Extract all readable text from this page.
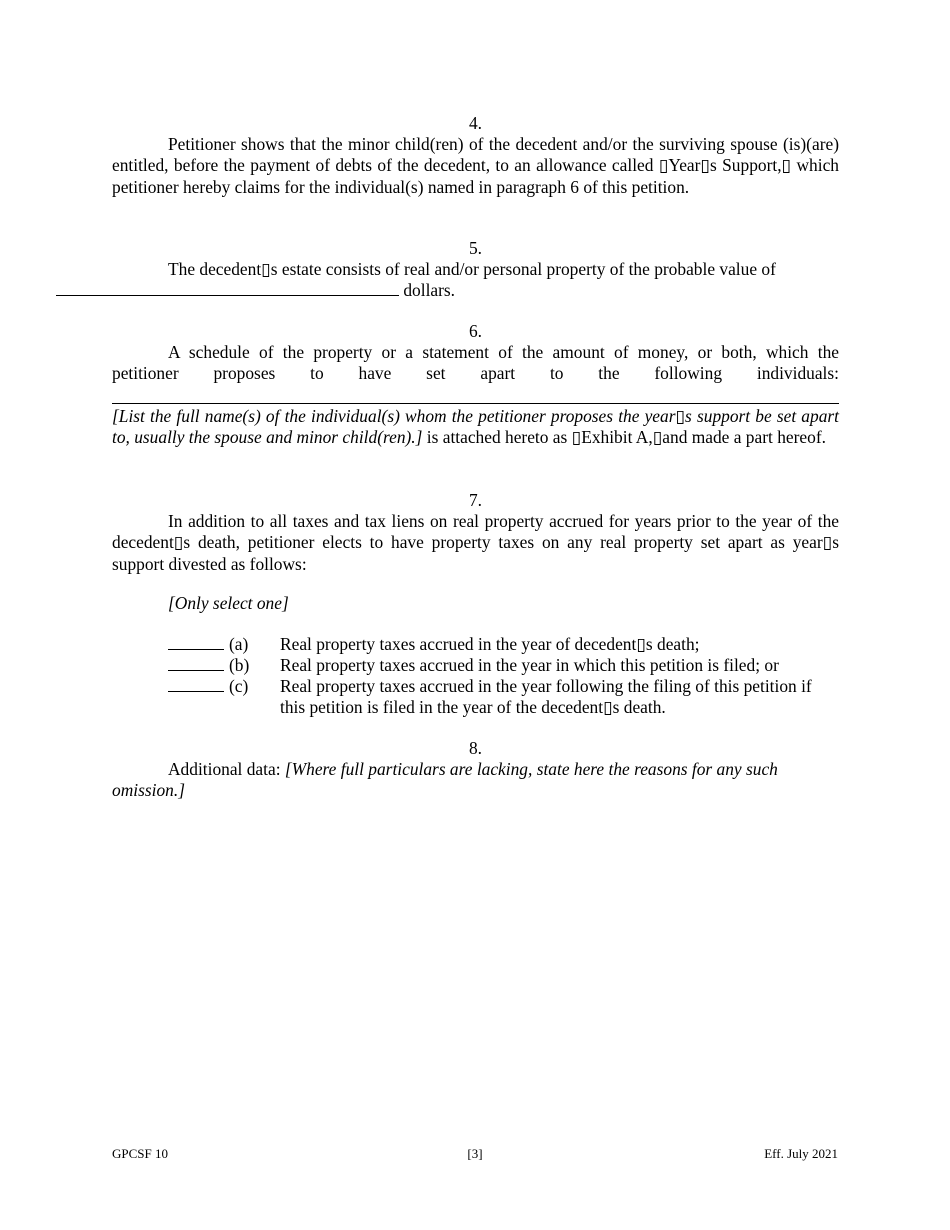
4.
Petitioner shows that the minor child(ren) of the decedent and/or the surviving spouse (is)(are) entitled, before the payment of debts of the decedent, to an allowance called ▯Year▯s Support,▯ which petitioner hereby claims for the individual(s) named in paragraph 6 of this petition.
5.
The decedent▯s estate consists of real and/or personal property of the probable value of
dollars.
6.
A schedule of the property or a statement of the amount of money, or both, which the
petitioner proposes to have set apart to the following individuals:
[List the full name(s) of the individual(s) whom the petitioner proposes the year▯s support be set apart to, usually the spouse and minor child(ren).] is attached hereto as ▯Exhibit A,▯and made a part hereof.
7.
In addition to all taxes and tax liens on real property accrued for years prior to the year of the decedent▯s death, petitioner elects to have property taxes on any real property set apart as year▯s support divested as follows:
[Only select one]
(a) Real property taxes accrued in the year of decedent▯s death;
(b) Real property taxes accrued in the year in which this petition is filed; or
(c) Real property taxes accrued in the year following the filing of this petition if this petition is filed in the year of the decedent▯s death.
8.
Additional data: [Where full particulars are lacking, state here the reasons for any such omission.]
GPCSF 10	[3]	Eff. July 2021
